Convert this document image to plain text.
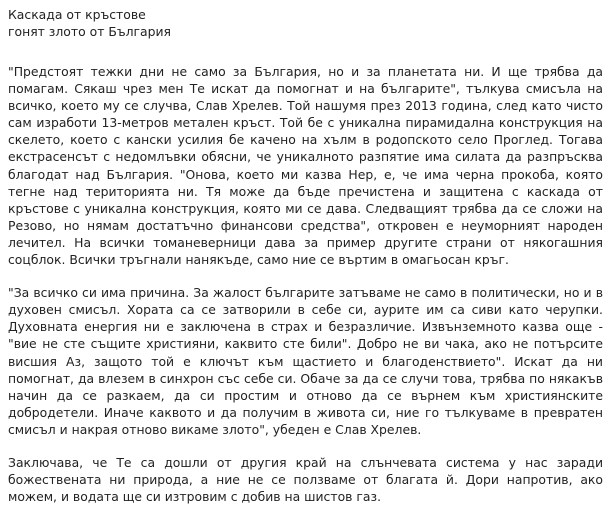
Каскада от кръстове
гонят злото от България

"Предстоят тежки дни не само за България, но и за планетата ни. И ще трябва да помагам. Сякаш чрез мен Те искат да помогнат и на българите", тълкува смисъла на всичко, което му се случва, Слав Хрелев. Той нашумя през 2013 година, след като чисто сам изработи 13-метров метален кръст. Той бе с уникална пирамидална конструкция на скелето, което с кански усилия бе качено на хълм в родопското село Проглед. Тогава екстрасенсът с недомлъвки обясни, че уникалното разпятие има силата да разпръсква благодат над България. "Онова, което ми казва Нер, е, че има черна прокоба, която тегне над територията ни. Тя може да бъде пречистена и защитена с каскада от кръстове с уникална конструкция, която ми се дава. Следващият трябва да се сложи на Резово, но нямам достатъчно финансови средства", откровен е неуморният народен лечител. На всички томаневерници дава за пример другите страни от някогашния соцблок. Всички тръгнали нанякъде, само ние се въртим в омагьосан кръг.

"За всичко си има причина. За жалост българите затъваме не само в политически, но и в духовен смисъл. Хората са се затворили в себе си, аурите им са сиви като черупки. Духовната енергия ни е заключена в страх и безразличие. Извънземното казва още - "вие не сте същите християни, каквито сте били". Добро не ви чака, ако не потърсите висшия Аз, защото той е ключът към щастието и благоденствието". Искат да ни помогнат, да влезем в синхрон със себе си. Обаче за да се случи това, трябва по някакъв начин да се разкаем, да си простим и отново да се върнем към християнските добродетели. Иначе каквото и да получим в живота си, ние го тълкуваме в превратен смисъл и накрая отново викаме злото", убеден е Слав Хрелев.

Заключава, че Те са дошли от другия край на слънчевата система у нас заради божествената ни природа, а ние не се ползваме от благата й. Дори напротив, ако можем, и водата ще си изтровим с добив на шистов газ.
